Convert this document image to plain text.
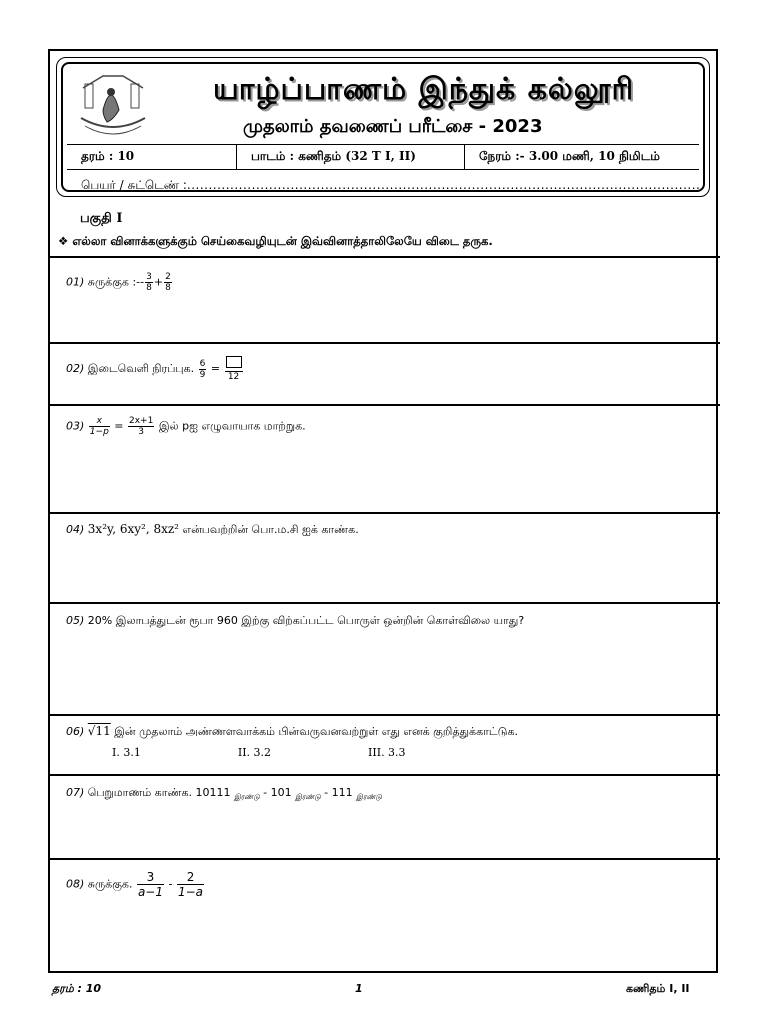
யாழ்ப்பாணம் இந்துக் கல்லூரி
முதலாம் தவணைப் பரீட்சை - 2023
தரம் : 10	பாடம் : கணிதம் (32 T I, II)	நேரம் :- 3.00 மணி, 10 நிமிடம்
பெயர் / சுட்டெண் :.......................................................................................................................
பகுதி I
❖ எல்லா வினாக்களுக்கும் செய்கைவழியுடன் இவ்வினாத்தாலிலேயே விடை தருக.
01) சுருக்குக :-- $\frac{3}{8} + \frac{2}{8}$
02) இடைவெளி நிரப்புக. $\frac{6}{9}$ =
12
$03) \frac{x}{1-p} = \frac{2x+1}{3}$ இல் pஐ எழுவாயாக மாற்றுக.
04) 3x²y, 6xy², 8xz² என்பவற்றின் பொ.ம.சி ஐக் காண்க.
05) 20% இலாபத்துடன் ரூபா 960 இற்கு விற்கப்பட்ட பொருள் ஒன்றின் கொள்விலை யாது?
06) √11 இன் முதலாம் அண்ணளவாக்கம் பின்வருவனவற்றுள் எது எனக் குறித்துக்காட்டுக.
I. 3.1	II. 3.2	III. 3.3
07) பெறுமாணம் காண்க. 10111 $_{இரண்டு}$ - 101 $_{இரண்டு}$ - 111 $_{இரண்டு}$
08) சுருக்குக. $\frac{3}{a-1} - \frac{2}{1-a}$
தரம் : 10	1	கணிதம் I, II
